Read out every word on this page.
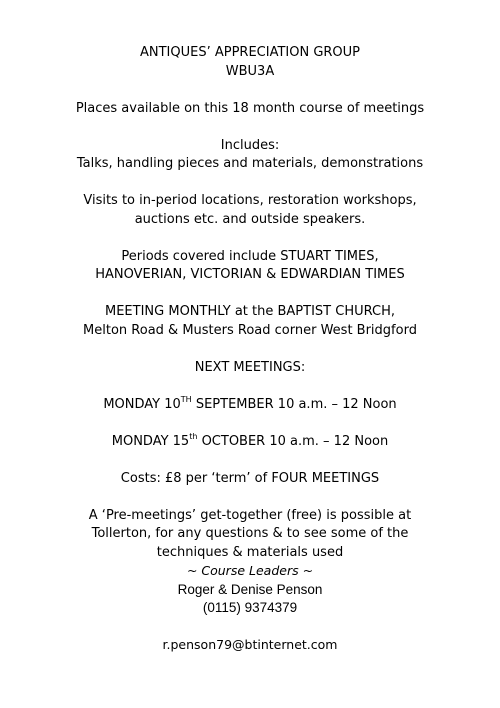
ANTIQUES’ APPRECIATION GROUP
WBU3A
Places available on this 18 month course of meetings
Includes:
Talks, handling pieces and materials, demonstrations
Visits to in-period locations, restoration workshops,
auctions etc. and outside speakers.
Periods covered include STUART TIMES,
HANOVERIAN, VICTORIAN & EDWARDIAN TIMES
MEETING MONTHLY at the BAPTIST CHURCH,
Melton Road & Musters Road corner West Bridgford
NEXT MEETINGS:
MONDAY 10TH SEPTEMBER 10 a.m. – 12 Noon
MONDAY 15th OCTOBER 10 a.m. – 12 Noon
Costs: £8 per ‘term’ of FOUR MEETINGS
A ‘Pre-meetings’ get-together (free) is possible at
Tollerton, for any questions & to see some of the
techniques & materials used
~ Course Leaders ~
Roger & Denise Penson
(0115) 9374379
r.penson79@btinternet.com
